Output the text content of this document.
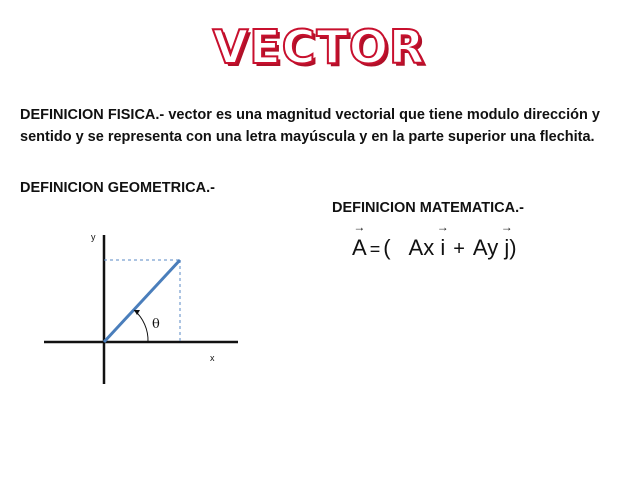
VECTOR
DEFINICION FISICA.- vector es una magnitud vectorial que tiene modulo dirección y sentido y se representa con una letra mayúscula y en la parte superior una flechita.
DEFINICION GEOMETRICA.-
DEFINICION MATEMATICA.-
→ A = ( Ax → i + Ay → j)
y
x
θ
